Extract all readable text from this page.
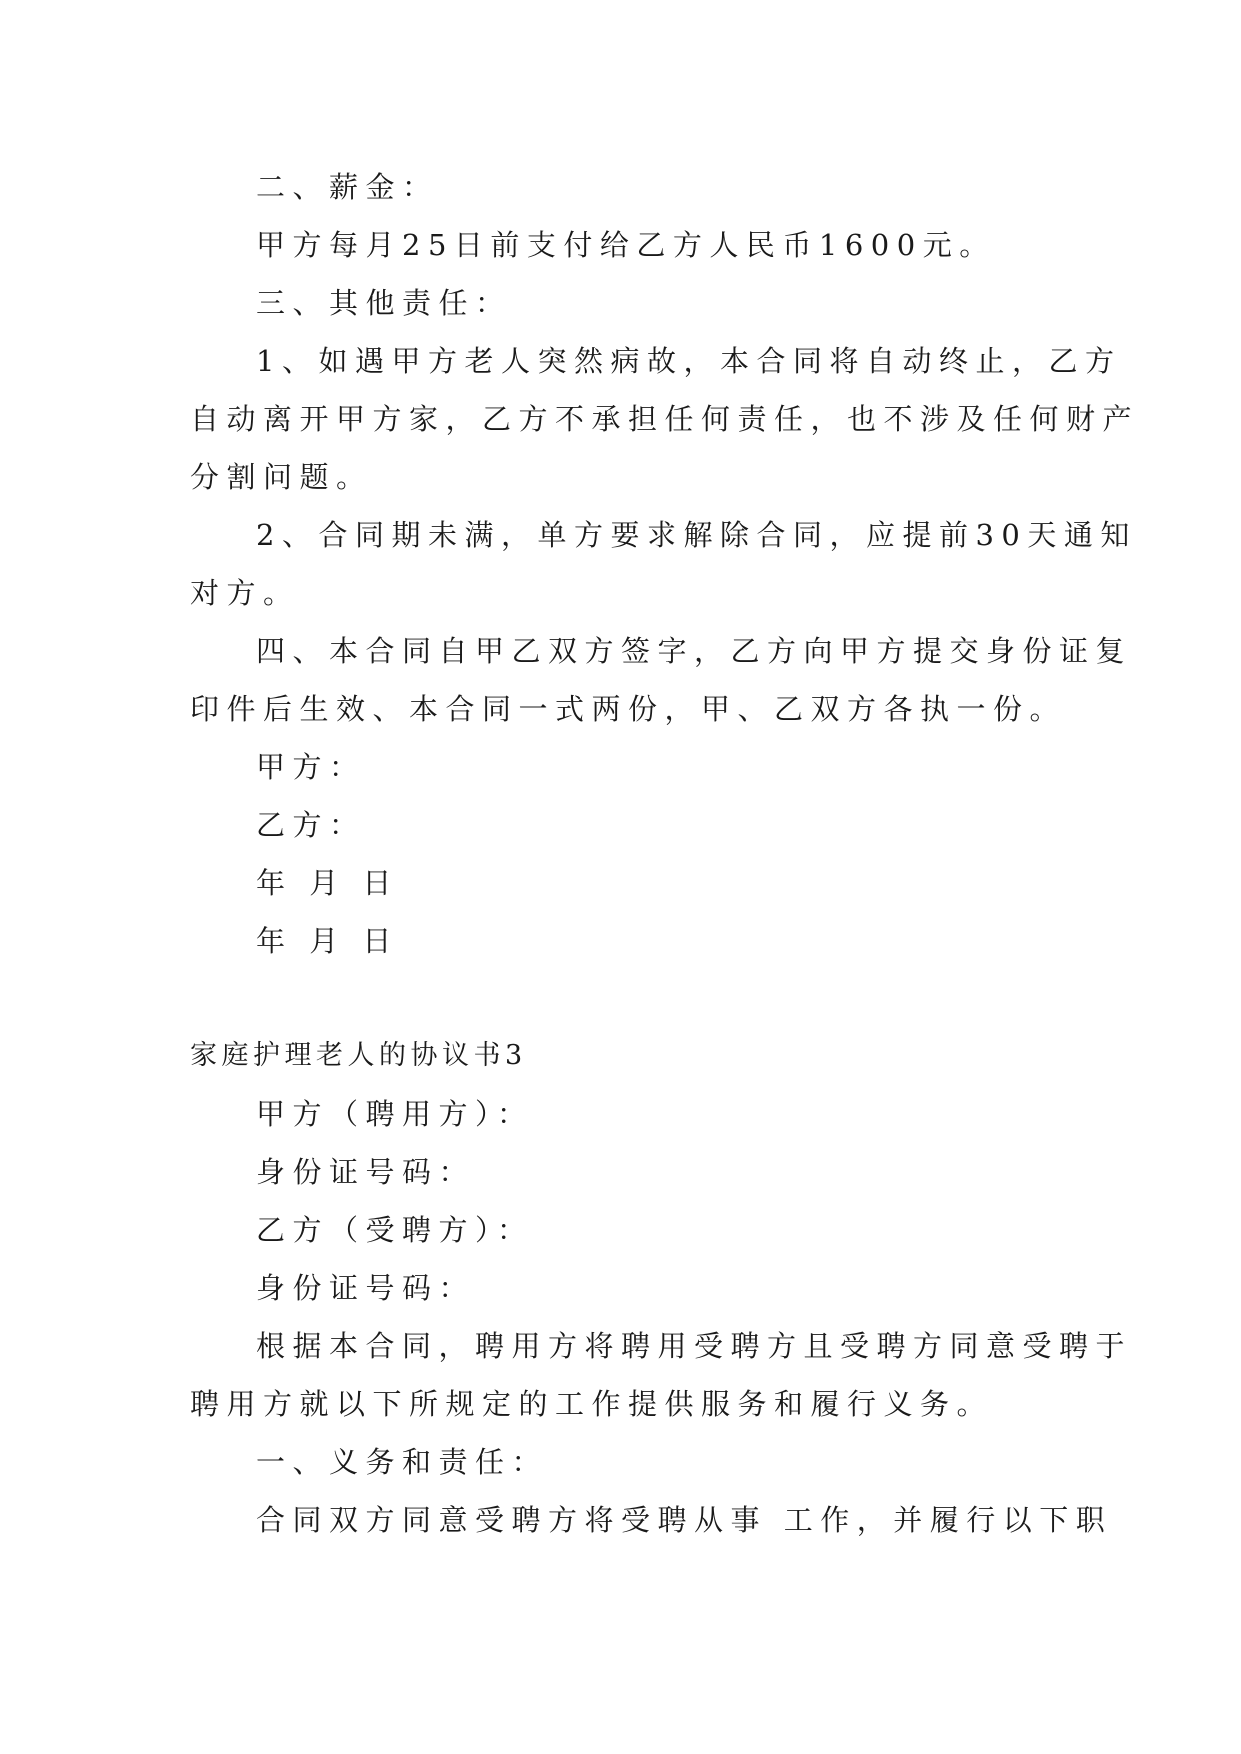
二、薪金：
甲方每月25日前支付给乙方人民币1600元。
三、其他责任：
1、如遇甲方老人突然病故，本合同将自动终止，乙方
自动离开甲方家，乙方不承担任何责任，也不涉及任何财产
分割问题。
2、合同期未满，单方要求解除合同，应提前30天通知
对方。
四、本合同自甲乙双方签字，乙方向甲方提交身份证复
印件后生效、本合同一式两份，甲、乙双方各执一份。
甲方：
乙方：
年 月 日
年 月 日
家庭护理老人的协议书3
甲方（聘用方）：
身份证号码：
乙方（受聘方）：
身份证号码：
根据本合同，聘用方将聘用受聘方且受聘方同意受聘于
聘用方就以下所规定的工作提供服务和履行义务。
一、义务和责任：
合同双方同意受聘方将受聘从事 工作，并履行以下职
